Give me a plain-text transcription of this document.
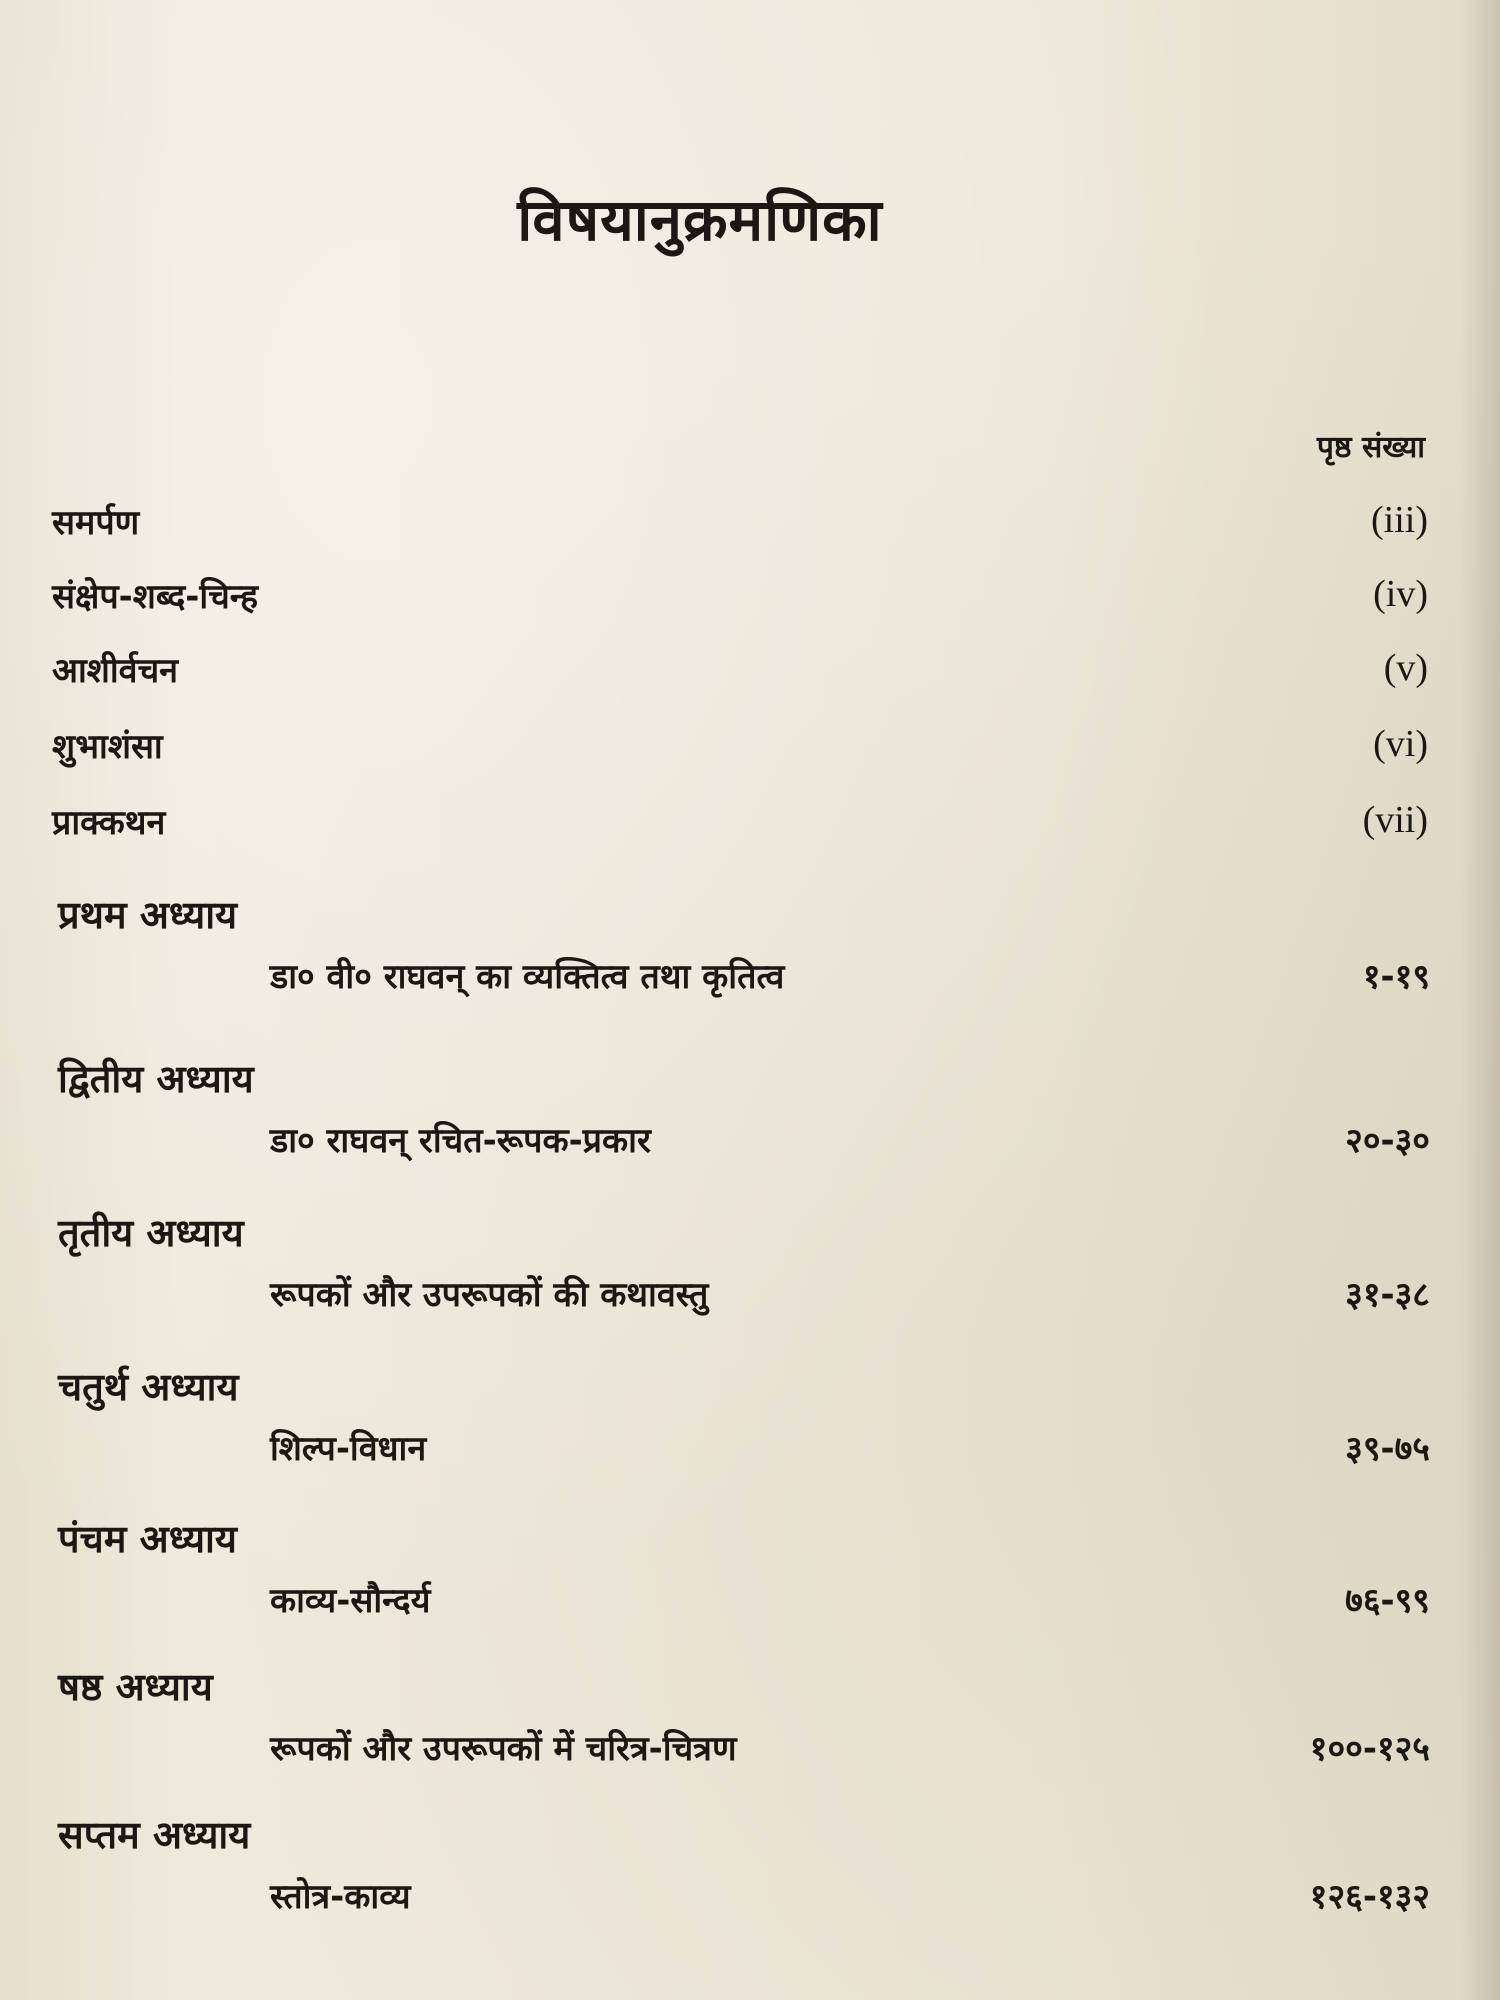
विषयानुक्रमणिका
पृष्ठ संख्या
समर्पण	(iii)
संक्षेप-शब्द-चिन्ह	(iv)
आशीर्वचन	(v)
शुभाशंसा	(vi)
प्राक्कथन	(vii)
प्रथम अध्याय
डा० वी० राघवन् का व्यक्तित्व तथा कृतित्व	१-१९
द्वितीय अध्याय
डा० राघवन् रचित-रूपक-प्रकार	२०-३०
तृतीय अध्याय
रूपकों और उपरूपकों की कथावस्तु	३१-३८
चतुर्थ अध्याय
शिल्प-विधान	३९-७५
पंचम अध्याय
काव्य-सौन्दर्य	७६-९९
षष्ठ अध्याय
रूपकों और उपरूपकों में चरित्र-चित्रण	१००-१२५
सप्तम अध्याय
स्तोत्र-काव्य	१२६-१३२
